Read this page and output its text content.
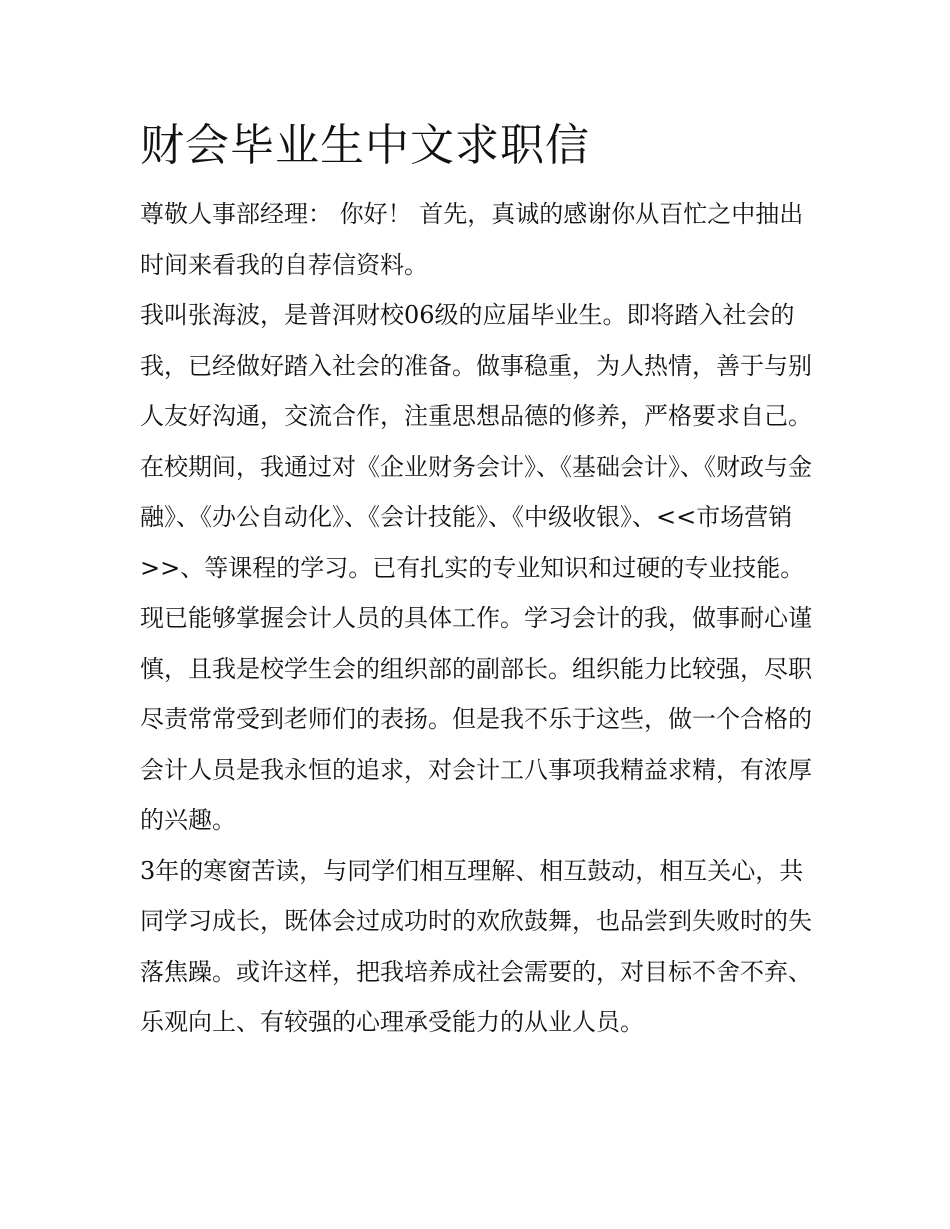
财会毕业生中文求职信

尊敬人事部经理： 你好！ 首先，真诚的感谢你从百忙之中抽出时间来看我的自荐信资料。

我叫张海波，是普洱财校06级的应届毕业生。即将踏入社会的我，已经做好踏入社会的准备。做事稳重，为人热情，善于与别人友好沟通，交流合作，注重思想品德的修养，严格要求自己。

在校期间，我通过对《企业财务会计》、《基础会计》、《财政与金融》、《办公自动化》、《会计技能》、《中级收银》、<<市场营销>>、等课程的学习。已有扎实的专业知识和过硬的专业技能。现已能够掌握会计人员的具体工作。学习会计的我，做事耐心谨慎，且我是校学生会的组织部的副部长。组织能力比较强，尽职尽责常常受到老师们的表扬。但是我不乐于这些，做一个合格的会计人员是我永恒的追求，对会计工八事项我精益求精，有浓厚的兴趣。

3年的寒窗苦读，与同学们相互理解、相互鼓动，相互关心，共同学习成长，既体会过成功时的欢欣鼓舞，也品尝到失败时的失落焦躁。或许这样，把我培养成社会需要的，对目标不舍不弃、乐观向上、有较强的心理承受能力的从业人员。
